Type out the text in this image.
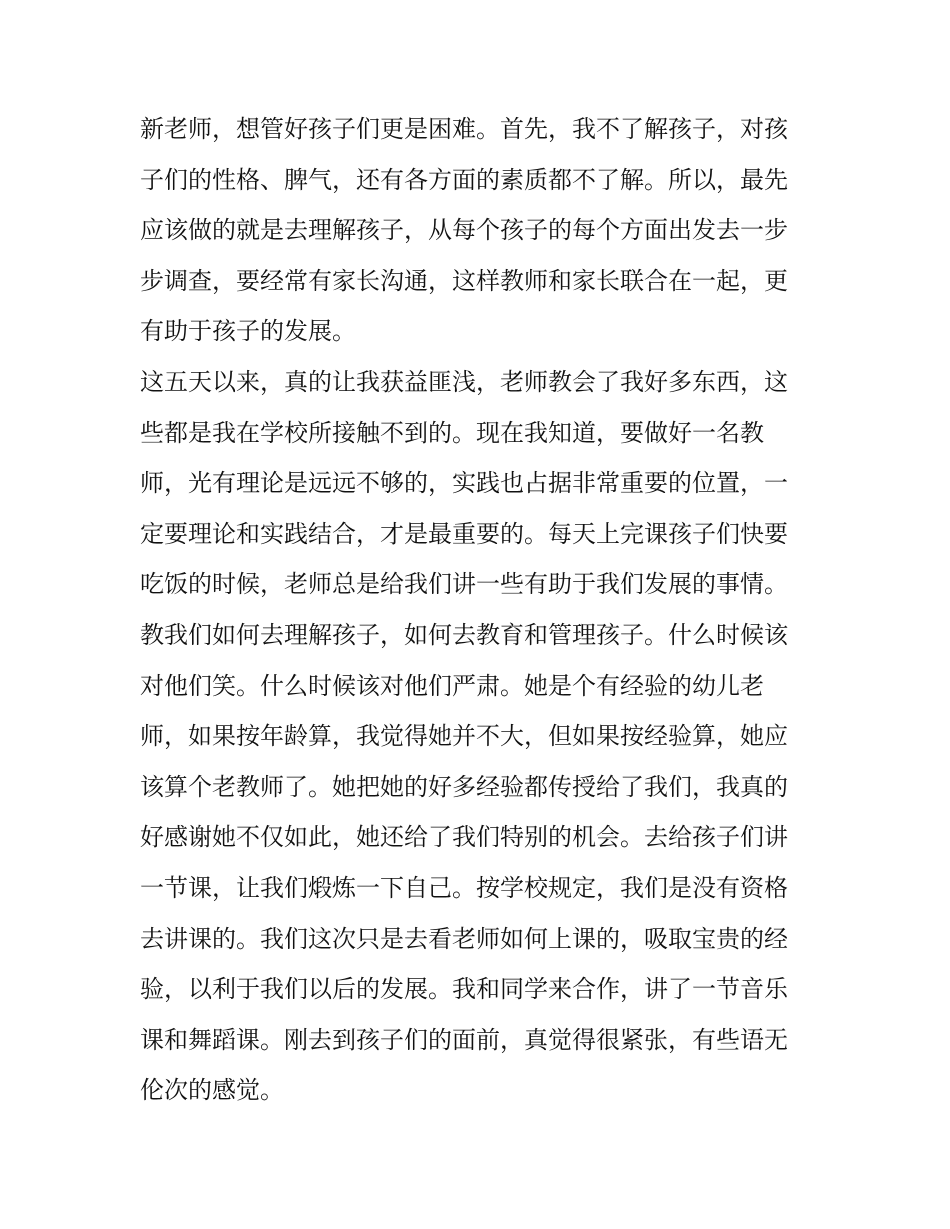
新老师，想管好孩子们更是困难。首先，我不了解孩子，对孩
子们的性格、脾气，还有各方面的素质都不了解。所以，最先
应该做的就是去理解孩子，从每个孩子的每个方面出发去一步
步调查，要经常有家长沟通，这样教师和家长联合在一起，更
有助于孩子的发展。
这五天以来，真的让我获益匪浅，老师教会了我好多东西，这
些都是我在学校所接触不到的。现在我知道，要做好一名教
师，光有理论是远远不够的，实践也占据非常重要的位置，一
定要理论和实践结合，才是最重要的。每天上完课孩子们快要
吃饭的时候，老师总是给我们讲一些有助于我们发展的事情。
教我们如何去理解孩子，如何去教育和管理孩子。什么时候该
对他们笑。什么时候该对他们严肃。她是个有经验的幼儿老
师，如果按年龄算，我觉得她并不大，但如果按经验算，她应
该算个老教师了。她把她的好多经验都传授给了我们，我真的
好感谢她不仅如此，她还给了我们特别的机会。去给孩子们讲
一节课，让我们煅炼一下自己。按学校规定，我们是没有资格
去讲课的。我们这次只是去看老师如何上课的，吸取宝贵的经
验，以利于我们以后的发展。我和同学来合作，讲了一节音乐
课和舞蹈课。刚去到孩子们的面前，真觉得很紧张，有些语无
伦次的感觉。
